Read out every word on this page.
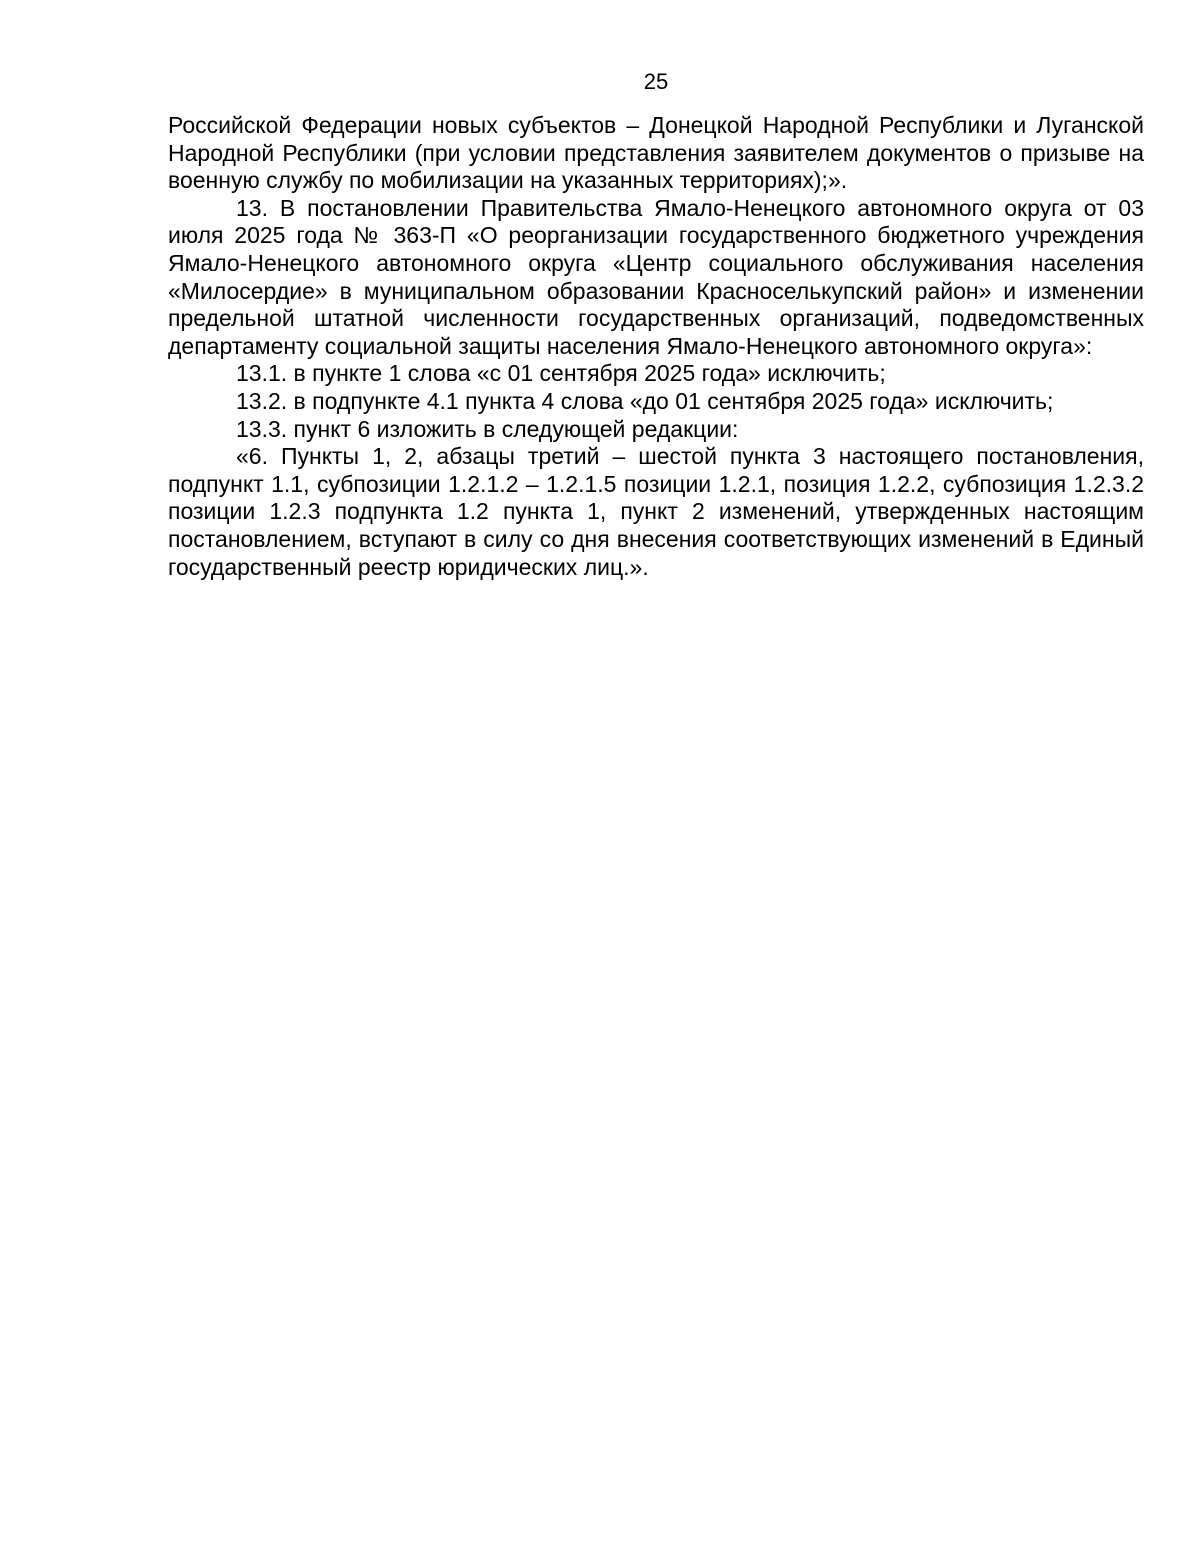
25

Российской Федерации новых субъектов – Донецкой Народной Республики и Луганской Народной Республики (при условии представления заявителем документов о призыве на военную службу по мобилизации на указанных территориях);».

13. В постановлении Правительства Ямало-Ненецкого автономного округа от 03 июля 2025 года № 363-П «О реорганизации государственного бюджетного учреждения Ямало-Ненецкого автономного округа «Центр социального обслуживания населения «Милосердие» в муниципальном образовании Красноселькупский район» и изменении предельной штатной численности государственных организаций, подведомственных департаменту социальной защиты населения Ямало-Ненецкого автономного округа»:

13.1. в пункте 1 слова «с 01 сентября 2025 года» исключить;

13.2. в подпункте 4.1 пункта 4 слова «до 01 сентября 2025 года» исключить;

13.3. пункт 6 изложить в следующей редакции:

«6. Пункты 1, 2, абзацы третий – шестой пункта 3 настоящего постановления, подпункт 1.1, субпозиции 1.2.1.2 – 1.2.1.5 позиции 1.2.1, позиция 1.2.2, субпозиция 1.2.3.2 позиции 1.2.3 подпункта 1.2 пункта 1, пункт 2 изменений, утвержденных настоящим постановлением, вступают в силу со дня внесения соответствующих изменений в Единый государственный реестр юридических лиц.».
